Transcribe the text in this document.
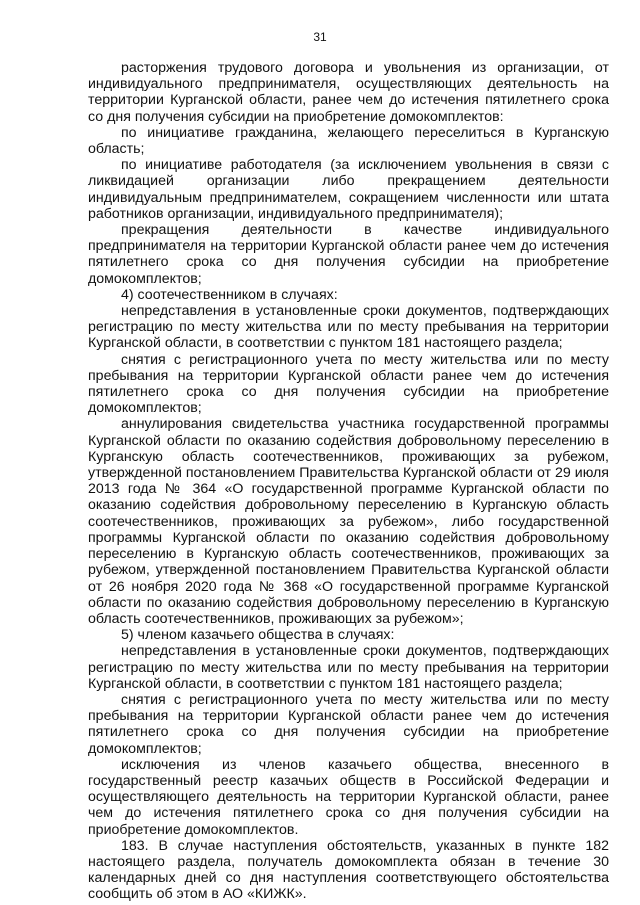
31

расторжения трудового договора и увольнения из организации, от индивидуального предпринимателя, осуществляющих деятельность на территории Курганской области, ранее чем до истечения пятилетнего срока со дня получения субсидии на приобретение домокомплектов:

по инициативе гражданина, желающего переселиться в Курганскую область;

по инициативе работодателя (за исключением увольнения в связи с ликвидацией организации либо прекращением деятельности индивидуальным предпринимателем, сокращением численности или штата работников организации, индивидуального предпринимателя);

прекращения деятельности в качестве индивидуального предпринимателя на территории Курганской области ранее чем до истечения пятилетнего срока со дня получения субсидии на приобретение домокомплектов;

4) соотечественником в случаях:

непредставления в установленные сроки документов, подтверждающих регистрацию по месту жительства или по месту пребывания на территории Курганской области, в соответствии с пунктом 181 настоящего раздела;

снятия с регистрационного учета по месту жительства или по месту пребывания на территории Курганской области ранее чем до истечения пятилетнего срока со дня получения субсидии на приобретение домокомплектов;

аннулирования свидетельства участника государственной программы Курганской области по оказанию содействия добровольному переселению в Курганскую область соотечественников, проживающих за рубежом, утвержденной постановлением Правительства Курганской области от 29 июля 2013 года № 364 «О государственной программе Курганской области по оказанию содействия добровольному переселению в Курганскую область соотечественников, проживающих за рубежом», либо государственной программы Курганской области по оказанию содействия добровольному переселению в Курганскую область соотечественников, проживающих за рубежом, утвержденной постановлением Правительства Курганской области от 26 ноября 2020 года № 368 «О государственной программе Курганской области по оказанию содействия добровольному переселению в Курганскую область соотечественников, проживающих за рубежом»;

5) членом казачьего общества в случаях:

непредставления в установленные сроки документов, подтверждающих регистрацию по месту жительства или по месту пребывания на территории Курганской области, в соответствии с пунктом 181 настоящего раздела;

снятия с регистрационного учета по месту жительства или по месту пребывания на территории Курганской области ранее чем до истечения пятилетнего срока со дня получения субсидии на приобретение домокомплектов;

исключения из членов казачьего общества, внесенного в государственный реестр казачьих обществ в Российской Федерации и осуществляющего деятельность на территории Курганской области, ранее чем до истечения пятилетнего срока со дня получения субсидии на приобретение домокомплектов.

183. В случае наступления обстоятельств, указанных в пункте 182 настоящего раздела, получатель домокомплекта обязан в течение 30 календарных дней со дня наступления соответствующего обстоятельства сообщить об этом в АО «КИЖК».
